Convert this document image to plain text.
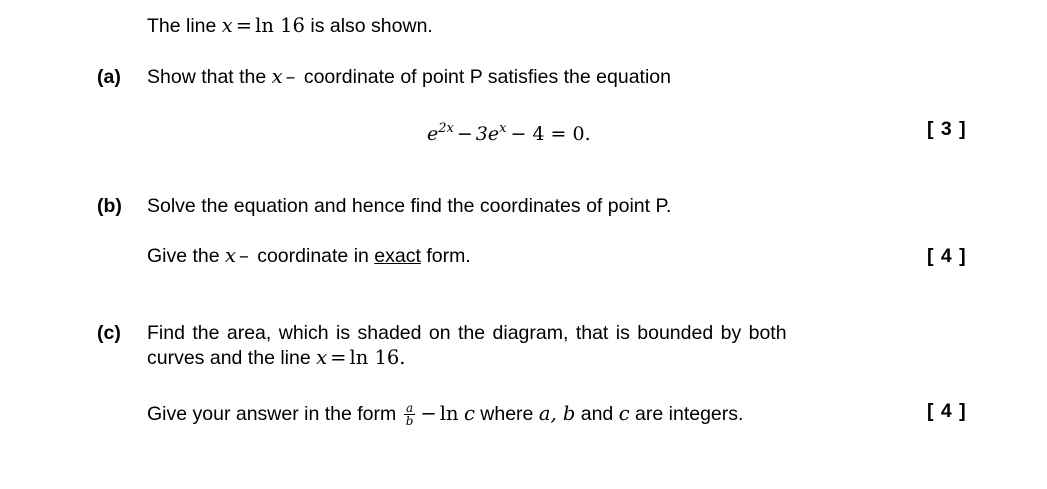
The line x = ln 16 is also shown.
(a) Show that the x – coordinate of point P satisfies the equation
$e^{2x} - 3e^x - 4 = 0$.	[ 3 ]
(b) Solve the equation and hence find the coordinates of point P.
Give the x – coordinate in exact form.	[ 4 ]
(c) Find the area, which is shaded on the diagram, that is bounded by both
curves and the line x = ln 16.
Give your answer in the form $\frac{a}{b} - \ln c$ where a, b and c are integers.	[ 4 ]
